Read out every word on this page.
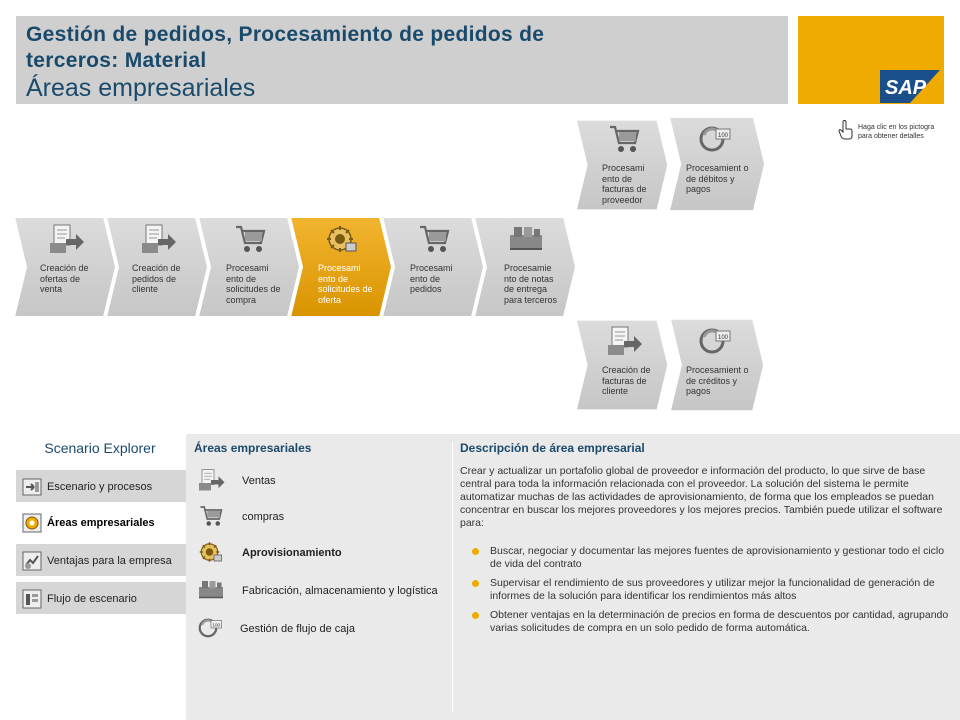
Gestión de pedidos, Procesamiento de pedidos de
terceros: Material
Áreas empresariales	SAP
Haga clic en los pictogra
para obtener detalles
Procesami ento de facturas de proveedor
Procesamient o de débitos y pagos
Creación de ofertas de venta
Creación de pedidos de cliente
Procesami ento de solicitudes de compra
Procesami ento de solicitudes de oferta
Procesami ento de pedidos
Procesamie nto de notas de entrega para terceros
Creación de facturas de cliente
Procesamient o de créditos y pagos
Scenario Explorer
Escenario y procesos
Áreas empresariales
Ventajas para la empresa
Flujo de escenario
Áreas empresariales
Ventas
compras
Aprovisionamiento
Fabricación, almacenamiento y logística
Gestión de flujo de caja
Descripción de área empresarial
Crear y actualizar un portafolio global de proveedor e información del producto, lo que sirve de base central para toda la información relacionada con el proveedor. La solución del sistema le permite automatizar muchas de las actividades de aprovisionamiento, de forma que los empleados se puedan concentrar en buscar los mejores proveedores y los mejores precios. También puede utilizar el software para:
Buscar, negociar y documentar las mejores fuentes de aprovisionamiento y gestionar todo el ciclo de vida del contrato
Supervisar el rendimiento de sus proveedores y utilizar mejor la funcionalidad de generación de informes de la solución para identificar los rendimientos más altos
Obtener ventajas en la determinación de precios en forma de descuentos por cantidad, agrupando varias solicitudes de compra en un solo pedido de forma automática.
